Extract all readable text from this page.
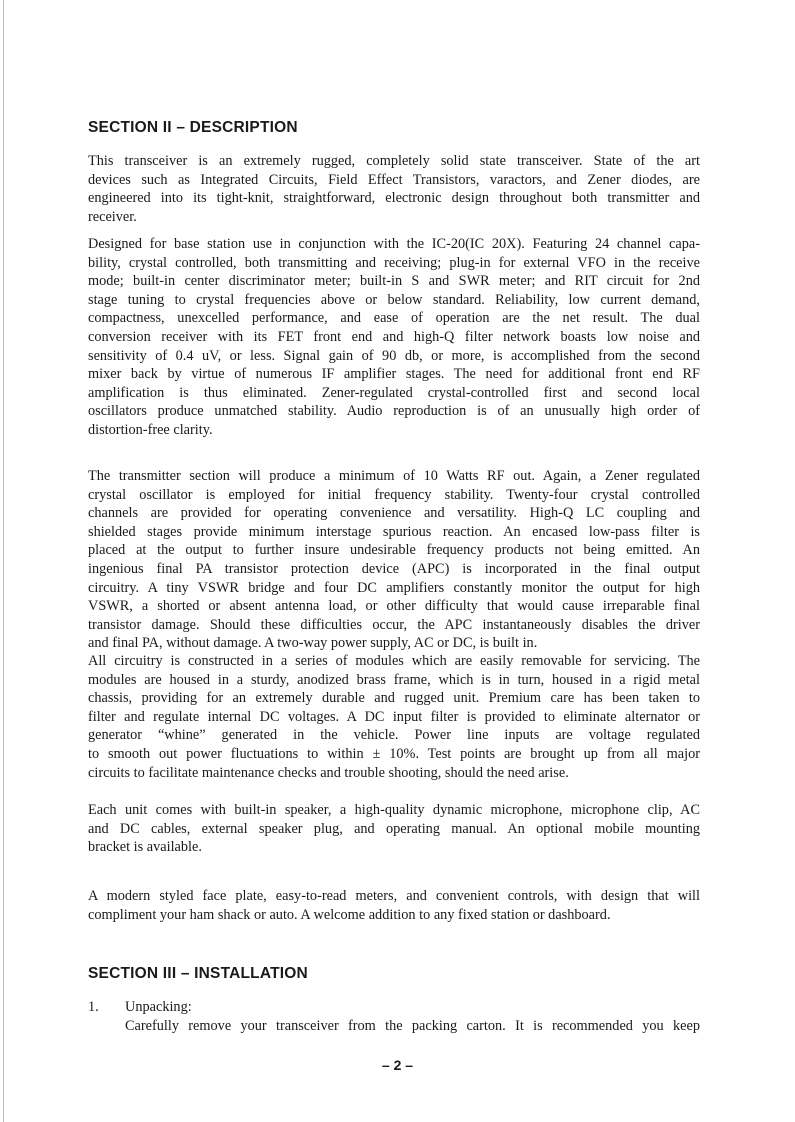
SECTION II – DESCRIPTION
This transceiver is an extremely rugged, completely solid state transceiver. State of the art
devices such as Integrated Circuits, Field Effect Transistors, varactors, and Zener diodes, are
engineered into its tight-knit, straightforward, electronic design throughout both transmitter and
receiver.
Designed for base station use in conjunction with the IC-20(IC 20X). Featuring 24 channel capa-
bility, crystal controlled, both transmitting and receiving; plug-in for external VFO in the receive
mode; built-in center discriminator meter; built-in S and SWR meter; and RIT circuit for 2nd
stage tuning to crystal frequencies above or below standard. Reliability, low current demand,
compactness, unexcelled performance, and ease of operation are the net result. The dual
conversion receiver with its FET front end and high-Q filter network boasts low noise and
sensitivity of 0.4 uV, or less. Signal gain of 90 db, or more, is accomplished from the second
mixer back by virtue of numerous IF amplifier stages. The need for additional front end RF
amplification is thus eliminated. Zener-regulated crystal-controlled first and second local
oscillators produce unmatched stability. Audio reproduction is of an unusually high order of
distortion-free clarity.
The transmitter section will produce a minimum of 10 Watts RF out. Again, a Zener regulated
crystal oscillator is employed for initial frequency stability. Twenty-four crystal controlled
channels are provided for operating convenience and versatility. High-Q LC coupling and
shielded stages provide minimum interstage spurious reaction. An encased low-pass filter is
placed at the output to further insure undesirable frequency products not being emitted. An
ingenious final PA transistor protection device (APC) is incorporated in the final output
circuitry. A tiny VSWR bridge and four DC amplifiers constantly monitor the output for high
VSWR, a shorted or absent antenna load, or other difficulty that would cause irreparable final
transistor damage. Should these difficulties occur, the APC instantaneously disables the driver
and final PA, without damage. A two-way power supply, AC or DC, is built in.
All circuitry is constructed in a series of modules which are easily removable for servicing. The
modules are housed in a sturdy, anodized brass frame, which is in turn, housed in a rigid metal
chassis, providing for an extremely durable and rugged unit. Premium care has been taken to
filter and regulate internal DC voltages. A DC input filter is provided to eliminate alternator or
generator “whine” generated in the vehicle. Power line inputs are voltage regulated
to smooth out power fluctuations to within ± 10%. Test points are brought up from all major
circuits to facilitate maintenance checks and trouble shooting, should the need arise.
Each unit comes with built-in speaker, a high-quality dynamic microphone, microphone clip, AC
and DC cables, external speaker plug, and operating manual. An optional mobile mounting
bracket is available.
A modern styled face plate, easy-to-read meters, and convenient controls, with design that will
compliment your ham shack or auto. A welcome addition to any fixed station or dashboard.
SECTION III – INSTALLATION
1. Unpacking:
Carefully remove your transceiver from the packing carton. It is recommended you keep
– 2 –
